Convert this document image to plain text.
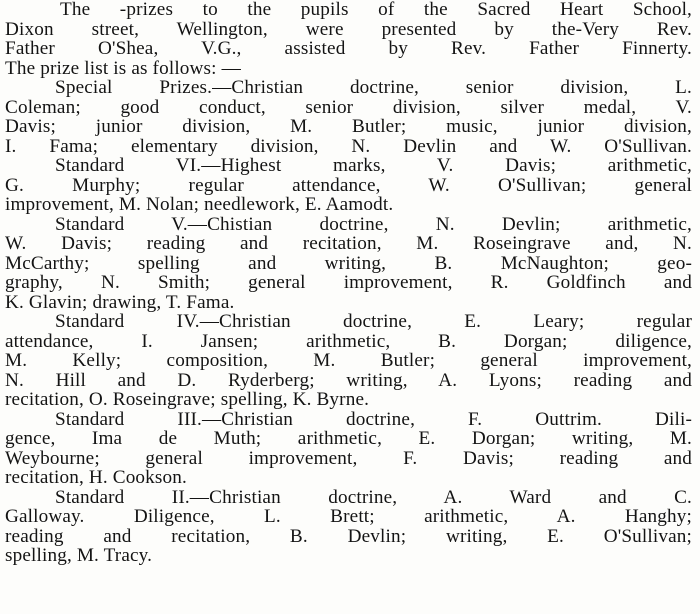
The -prizes to the pupils of the Sacred Heart School,
Dixon street, Wellington, were presented by the-Very Rev.
Father O'Shea, V.G., assisted by Rev. Father Finnerty.
The prize list is as follows: —
Special Prizes.—Christian doctrine, senior division, L.
Coleman; good conduct, senior division, silver medal, V.
Davis; junior division, M. Butler; music, junior division,
I. Fama; elementary division, N. Devlin and W. O'Sullivan.
Standard VI.—Highest marks, V. Davis; arithmetic,
G. Murphy; regular attendance, W. O'Sullivan; general
improvement, M. Nolan; needlework, E. Aamodt.
Standard V.—Chistian doctrine, N. Devlin; arithmetic,
W. Davis; reading and recitation, M. Roseingrave and, N.
McCarthy; spelling and writing, B. McNaughton; geo-
graphy, N. Smith; general improvement, R. Goldfinch and
K. Glavin; drawing, T. Fama.
Standard IV.—Christian doctrine, E. Leary; regular
attendance, I. Jansen; arithmetic, B. Dorgan; diligence,
M. Kelly; composition, M. Butler; general improvement,
N. Hill and D. Ryderberg; writing, A. Lyons; reading and
recitation, O. Roseingrave; spelling, K. Byrne.
Standard III.—Christian doctrine, F. Outtrim. Dili-
gence, Ima de Muth; arithmetic, E. Dorgan; writing, M.
Weybourne; general improvement, F. Davis; reading and
recitation, H. Cookson.
Standard II.—Christian doctrine, A. Ward and C.
Galloway. Diligence, L. Brett; arithmetic, A. Hanghy;
reading and recitation, B. Devlin; writing, E. O'Sullivan;
spelling, M. Tracy.
